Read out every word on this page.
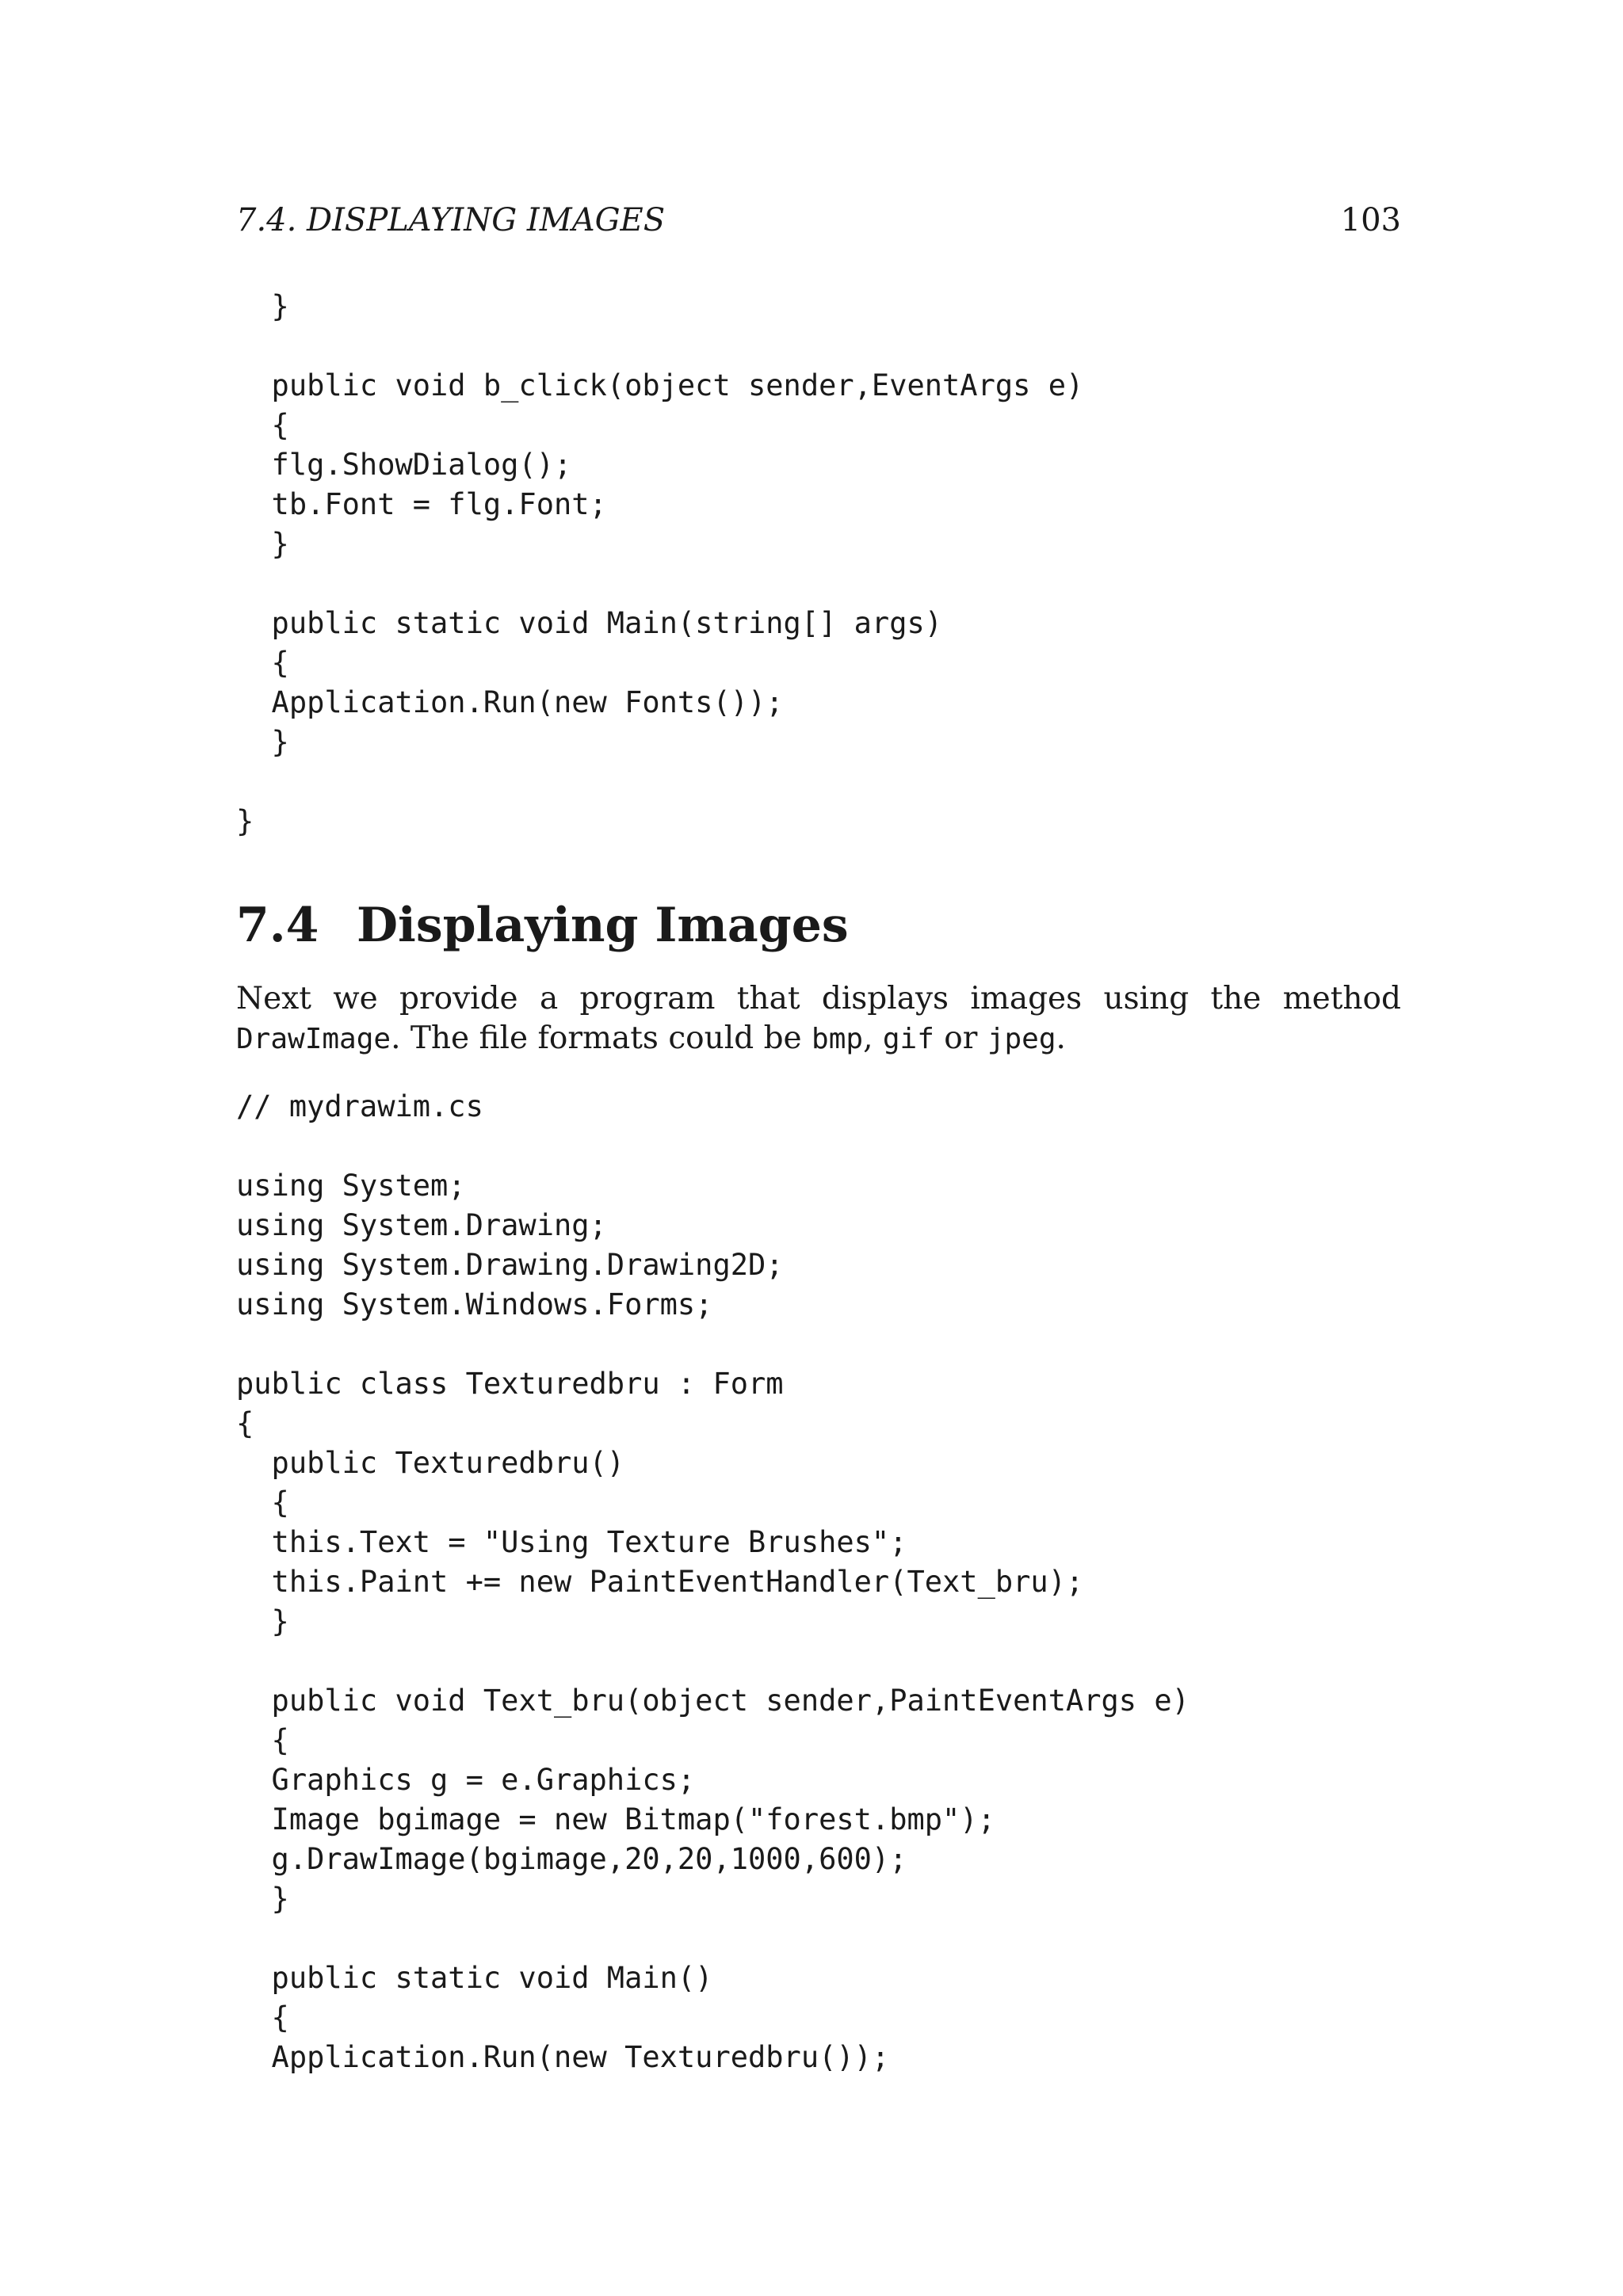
7.4. DISPLAYING IMAGES	103
}

public void b_click(object sender,EventArgs e)
{
flg.ShowDialog();
tb.Font = flg.Font;
}

public static void Main(string[] args)
{
Application.Run(new Fonts());
}

}
7.4 Displaying Images

Next we provide a program that displays images using the method DrawImage. The file formats could be bmp, gif or jpeg.

// mydrawim.cs

using System;
using System.Drawing;
using System.Drawing.Drawing2D;
using System.Windows.Forms;

public class Texturedbru : Form
{
public Texturedbru()
{
this.Text = "Using Texture Brushes";
this.Paint += new PaintEventHandler(Text_bru);
}

public void Text_bru(object sender,PaintEventArgs e)
{
Graphics g = e.Graphics;
Image bgimage = new Bitmap("forest.bmp");
g.DrawImage(bgimage,20,20,1000,600);
}

public static void Main()
{
Application.Run(new Texturedbru());
